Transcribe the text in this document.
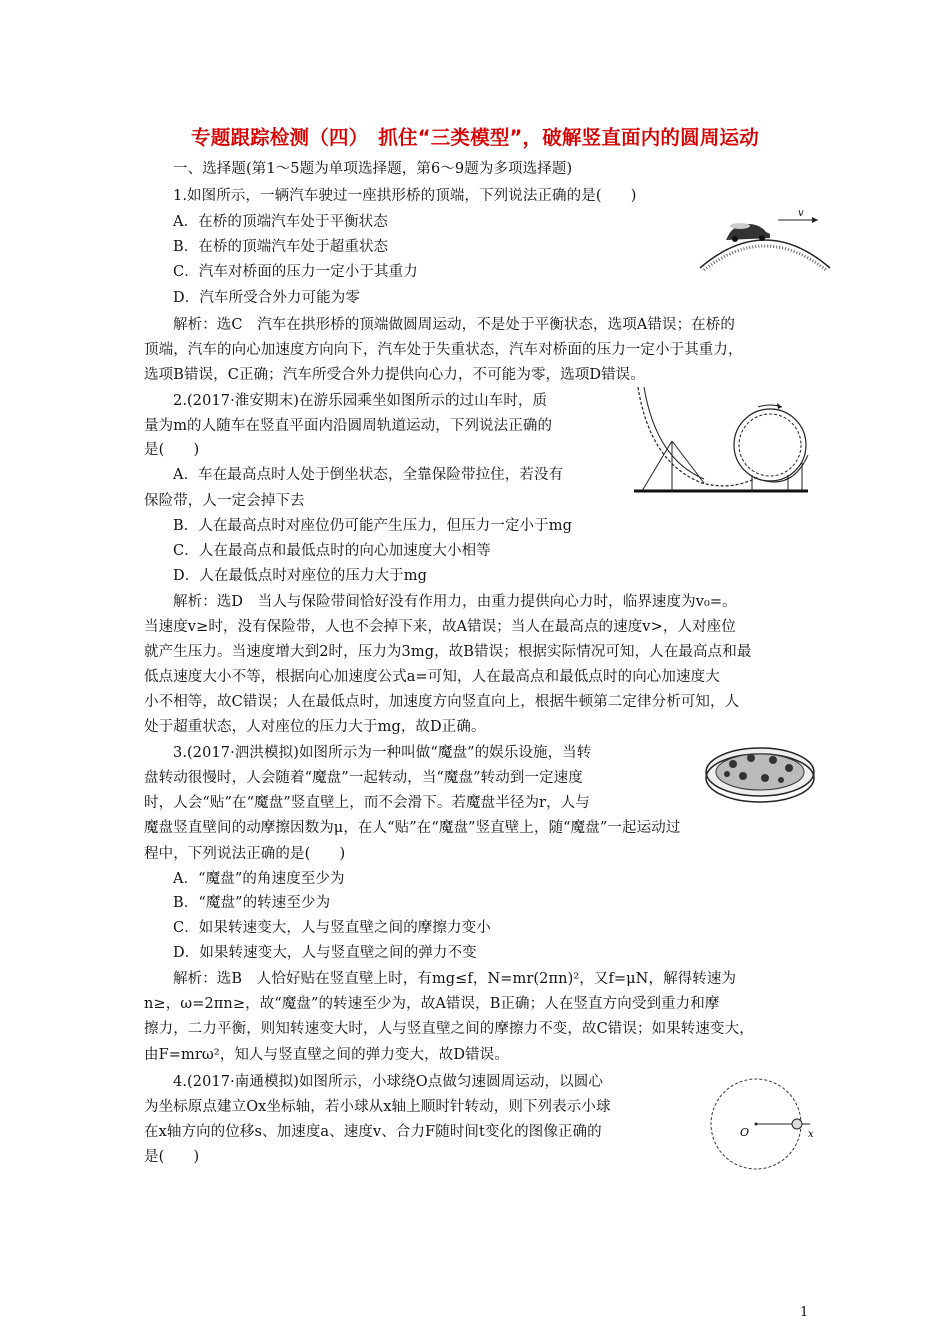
专题跟踪检测（四）　抓住“三类模型”，破解竖直面内的圆周运动
一、选择题(第1～5题为单项选择题，第6～9题为多项选择题)
1.如图所示，一辆汽车驶过一座拱形桥的顶端，下列说法正确的是(　　)
A．在桥的顶端汽车处于平衡状态
B．在桥的顶端汽车处于超重状态
C．汽车对桥面的压力一定小于其重力
D．汽车所受合外力可能为零
解析：选C　汽车在拱形桥的顶端做圆周运动，不是处于平衡状态，选项A错误；在桥的
顶端，汽车的向心加速度方向向下，汽车处于失重状态，汽车对桥面的压力一定小于其重力，
选项B错误，C正确；汽车所受合外力提供向心力，不可能为零，选项D错误。
2.(2017·淮安期末)在游乐园乘坐如图所示的过山车时，质
量为m的人随车在竖直平面内沿圆周轨道运动，下列说法正确的
是(　　)
A．车在最高点时人处于倒坐状态，全靠保险带拉住，若没有
保险带，人一定会掉下去
B．人在最高点时对座位仍可能产生压力，但压力一定小于mg
C．人在最高点和最低点时的向心加速度大小相等
D．人在最低点时对座位的压力大于mg
解析：选D　当人与保险带间恰好没有作用力，由重力提供向心力时，临界速度为v₀=。
当速度v≥时，没有保险带，人也不会掉下来，故A错误；当人在最高点的速度v>，人对座位
就产生压力。当速度增大到2时，压力为3mg，故B错误；根据实际情况可知，人在最高点和最
低点速度大小不等，根据向心加速度公式a=可知，人在最高点和最低点时的向心加速度大
小不相等，故C错误；人在最低点时，加速度方向竖直向上，根据牛顿第二定律分析可知，人
处于超重状态，人对座位的压力大于mg，故D正确。
3.(2017·泗洪模拟)如图所示为一种叫做“魔盘”的娱乐设施，当转
盘转动很慢时，人会随着“魔盘”一起转动，当“魔盘”转动到一定速度
时，人会“贴”在“魔盘”竖直壁上，而不会滑下。若魔盘半径为r，人与
魔盘竖直壁间的动摩擦因数为μ，在人“贴”在“魔盘”竖直壁上，随“魔盘”一起运动过
程中，下列说法正确的是(　　)
A．“魔盘”的角速度至少为
B．“魔盘”的转速至少为
C．如果转速变大，人与竖直壁之间的摩擦力变小
D．如果转速变大，人与竖直壁之间的弹力不变
解析：选B　人恰好贴在竖直壁上时，有mg≤f，N=mr(2πn)²，又f=μN，解得转速为
n≥，ω=2πn≥，故“魔盘”的转速至少为，故A错误，B正确；人在竖直方向受到重力和摩
擦力，二力平衡，则知转速变大时，人与竖直壁之间的摩擦力不变，故C错误；如果转速变大，
由F=mrω²，知人与竖直壁之间的弹力变大，故D错误。
4.(2017·南通模拟)如图所示，小球绕O点做匀速圆周运动，以圆心
为坐标原点建立Ox坐标轴，若小球从x轴上顺时针转动，则下列表示小球
在x轴方向的位移s、加速度a、速度v、合力F随时间t变化的图像正确的
是(　　)
v
O	x
1
